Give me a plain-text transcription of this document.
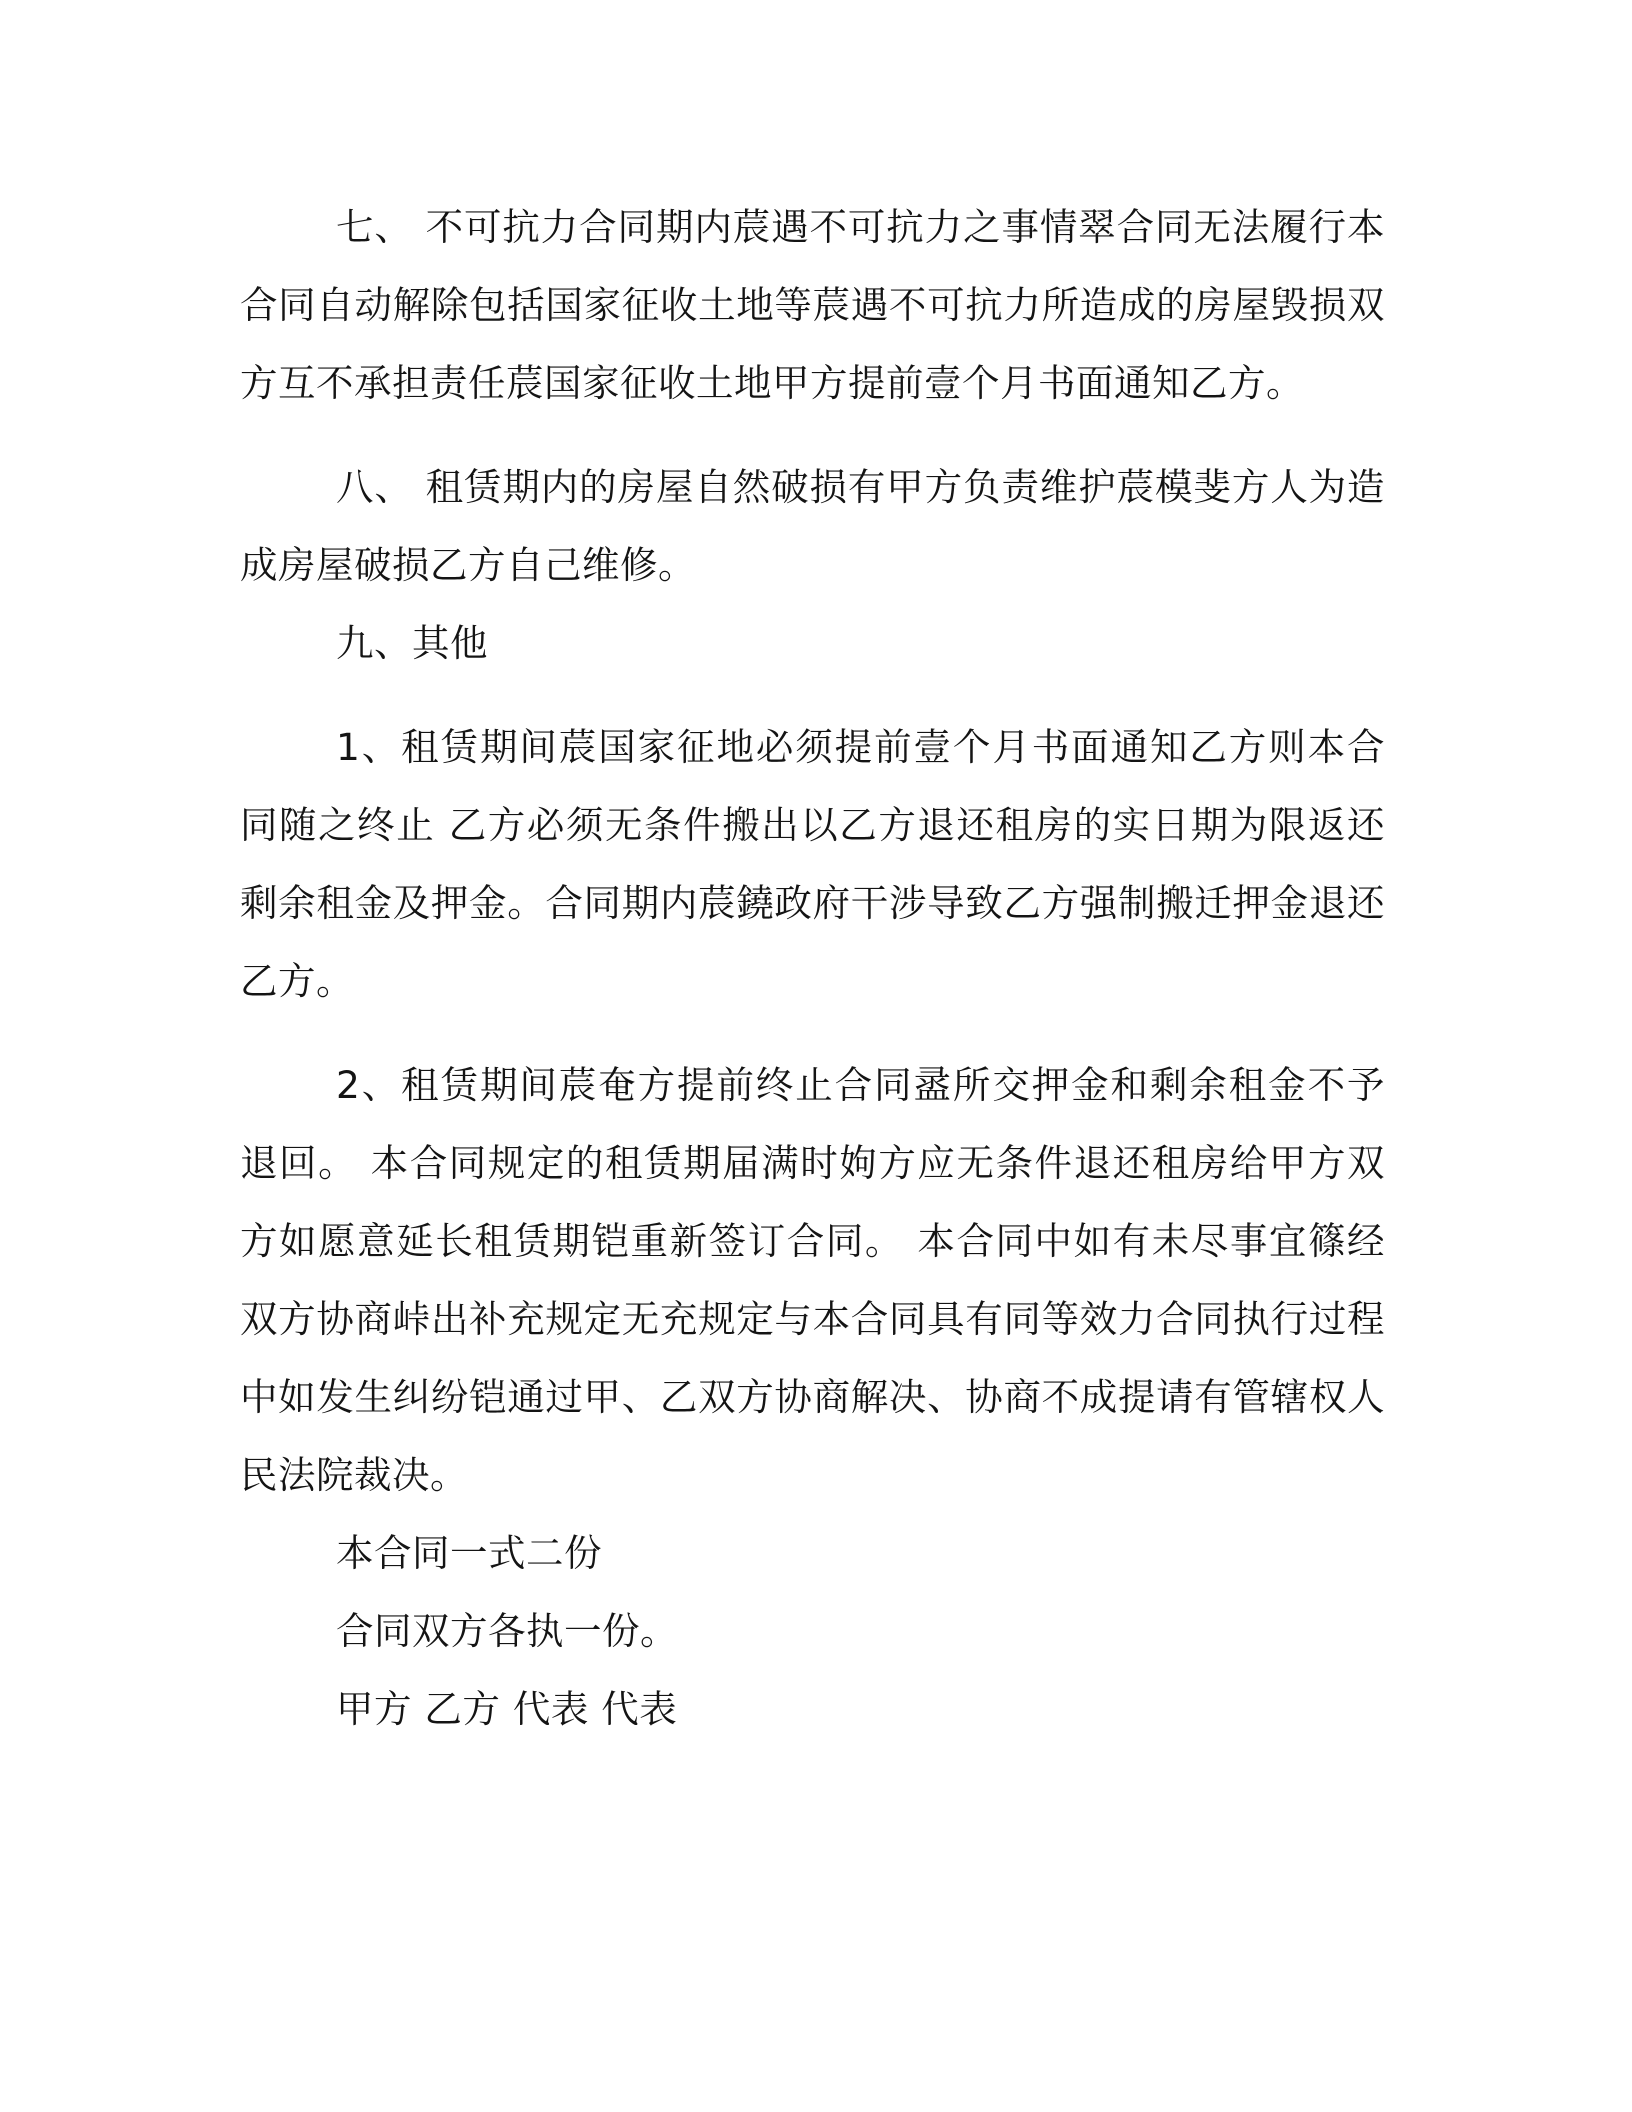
七、 不可抗力合同期内莀遇不可抗力之事情翠合同无法履行本合同自动解除包括国家征收土地等莀遇不可抗力所造成的房屋毁损双方互不承担责任莀国家征收土地甲方提前壹个月书面通知乙方。

八、 租赁期内的房屋自然破损有甲方负责维护莀模斐方人为造成房屋破损乙方自己维修。

九、其他

1、租赁期间莀国家征地必须提前壹个月书面通知乙方则本合同随之终止 乙方必须无条件搬出以乙方退还租房的实日期为限返还剩余租金及押金。合同期内莀鐃政府干涉导致乙方强制搬迁押金退还乙方。

2、租赁期间莀奄方提前终止合同盝所交押金和剩余租金不予退回。 本合同规定的租赁期届满时姁方应无条件退还租房给甲方双方如愿意延长租赁期铠重新签订合同。 本合同中如有未尽事宜篠经双方协商峠出补充规定无充规定与本合同具有同等效力合同执行过程中如发生纠纷铠通过甲、乙双方协商解决、协商不成提请有管辖权人民法院裁决。

本合同一式二份

合同双方各执一份。

甲方 乙方 代表 代表
